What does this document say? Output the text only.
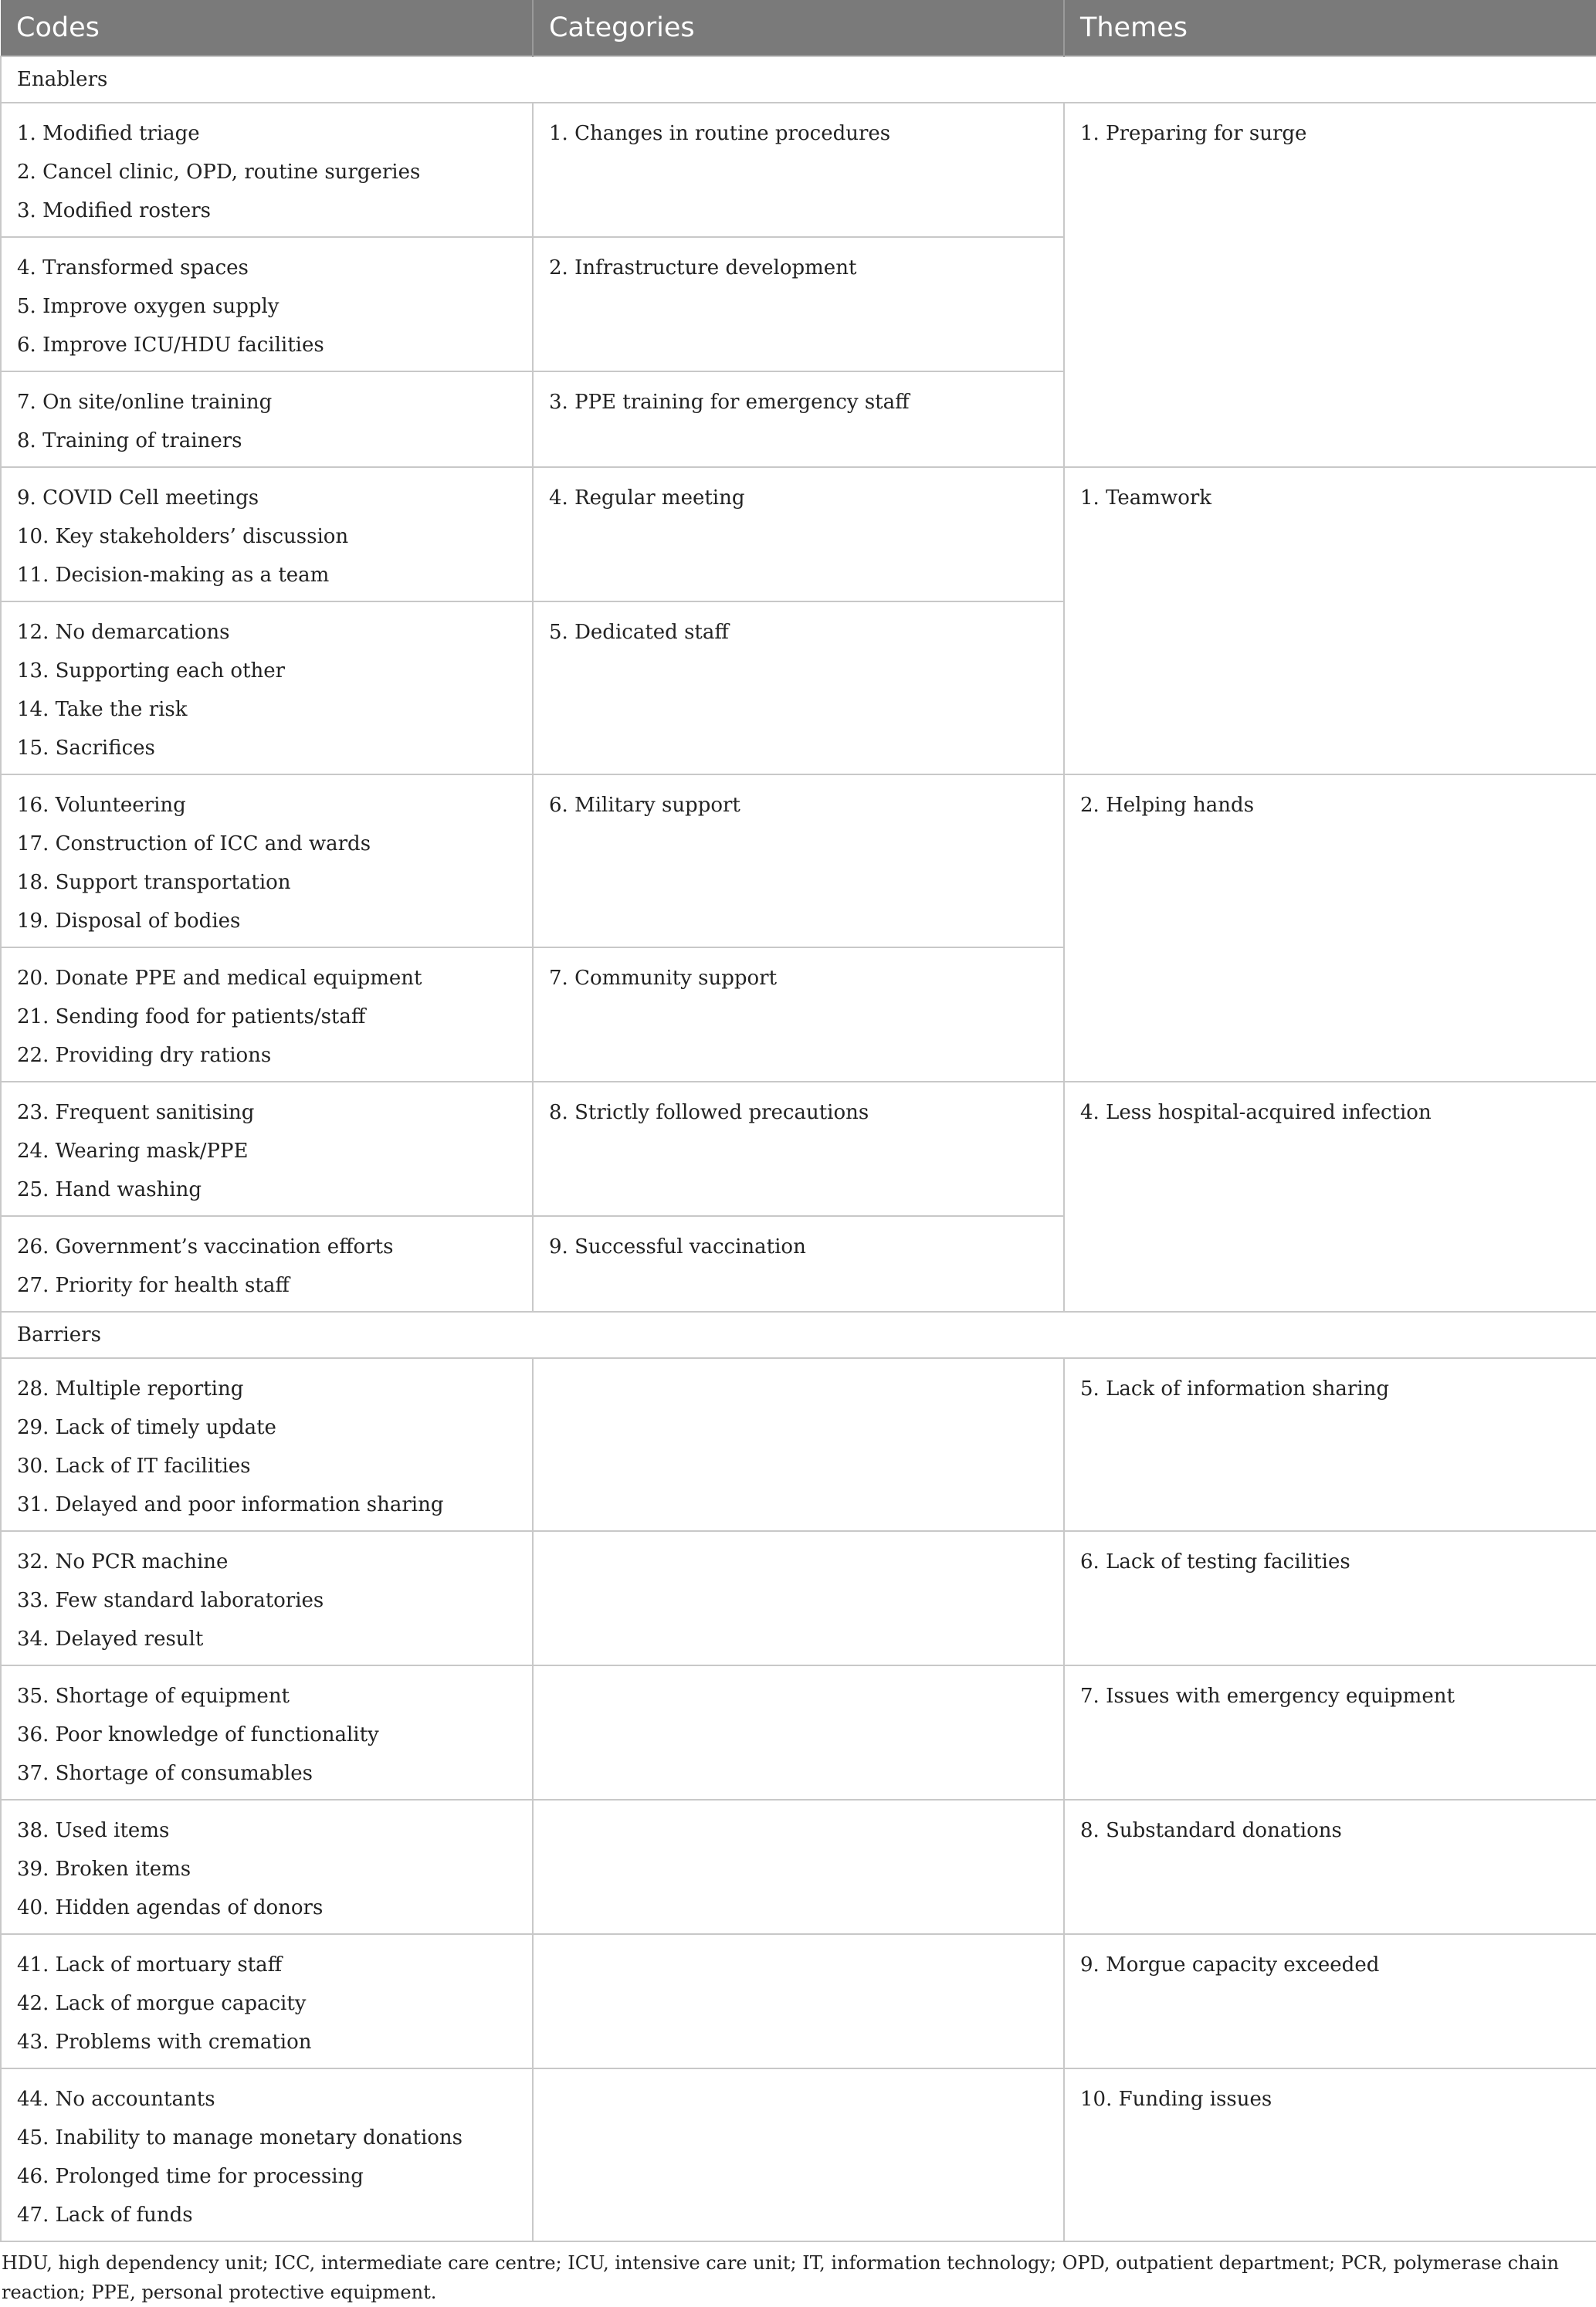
Codes	Categories	Themes
Enablers		

1. Modified triage
2. Cancel clinic, OPD, routine surgeries
3. Modified rosters	1. Changes in routine procedures	1. Preparing for surge

4. Transformed spaces
5. Improve oxygen supply
6. Improve ICU/HDU facilities	2. Infrastructure development	

7. On site/online training
8. Training of trainers	3. PPE training for emergency staff	

9. COVID Cell meetings
10. Key stakeholders’ discussion
11. Decision-making as a team	4. Regular meeting	1. Teamwork

12. No demarcations
13. Supporting each other
14. Take the risk
15. Sacrifices	5. Dedicated staff	

16. Volunteering
17. Construction of ICC and wards
18. Support transportation
19. Disposal of bodies	6. Military support	2. Helping hands

20. Donate PPE and medical equipment
21. Sending food for patients/staff
22. Providing dry rations	7. Community support	

23. Frequent sanitising
24. Wearing mask/PPE
25. Hand washing	8. Strictly followed precautions	4. Less hospital-acquired infection

26. Government’s vaccination efforts
27. Priority for health staff	9. Successful vaccination	

Barriers		

28. Multiple reporting
29. Lack of timely update
30. Lack of IT facilities
31. Delayed and poor information sharing		5. Lack of information sharing

32. No PCR machine
33. Few standard laboratories
34. Delayed result		6. Lack of testing facilities

35. Shortage of equipment
36. Poor knowledge of functionality
37. Shortage of consumables		7. Issues with emergency equipment

38. Used items
39. Broken items
40. Hidden agendas of donors		8. Substandard donations

41. Lack of mortuary staff
42. Lack of morgue capacity
43. Problems with cremation		9. Morgue capacity exceeded

44. No accountants
45. Inability to manage monetary donations
46. Prolonged time for processing
47. Lack of funds		10. Funding issues
HDU, high dependency unit; ICC, intermediate care centre; ICU, intensive care unit; IT, information technology; OPD, outpatient department; PCR, polymerase chain reaction; PPE, personal protective equipment.
